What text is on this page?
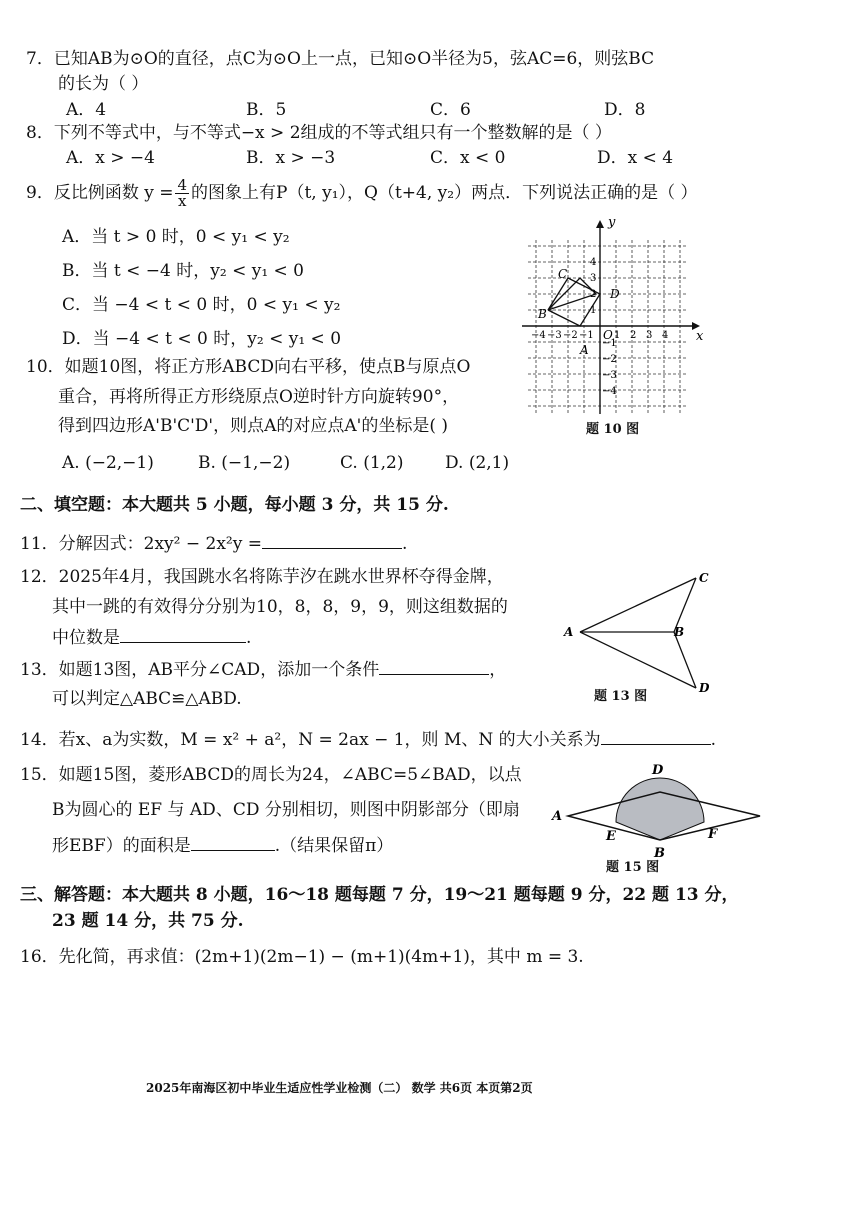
7．已知AB为⊙O的直径，点C为⊙O上一点，已知⊙O半径为5，弦AC=6，则弦BC
的长为（ ）
A．4	B．5	C．6	D．8
8．下列不等式中，与不等式−x > 2组成的不等式组只有一个整数解的是（ ）
A．x > −4	B．x > −3	C．x < 0	D．x < 4
9．反比例函数 $y = \frac{4}{x}$ 的图象上有P（t, y₁），Q（t+4, y₂）两点．下列说法正确的是（ ）
A．当 t > 0 时，0 < y₁ < y₂
B．当 t < −4 时，y₂ < y₁ < 0
C．当 −4 < t < 0 时，0 < y₁ < y₂
D．当 −4 < t < 0 时，y₂ < y₁ < 0	x
y
O
A
B
C
D
−4 −3 −2 −1 1 2 3 4
4
3
2
1
−1
−2
−3
−4
题 10 图
10．如题10图，将正方形ABCD向右平移，使点B与原点O
重合，再将所得正方形绕原点O逆时针方向旋转90°，
得到四边形A'B'C'D'，则点A的对应点A'的坐标是( )
A. (−2,−1)	B. (−1,−2)	C. (1,2) D. (2,1)
二、填空题：本大题共 5 小题，每小题 3 分，共 15 分.
11．分解因式：2xy² − 2x²y =	.
12．2025年4月，我国跳水名将陈芋汐在跳水世界杯夺得金牌，
其中一跳的有效得分分别为10，8，8，9，9，则这组数据的
中位数是	.	A	B
C
D
题 13 图
13．如题13图，AB平分∠CAD，添加一个条件	，
可以判定△ABC≌△ABD.
14．若x、a为实数，M = x² + a²，N = 2ax − 1，则 M、N 的大小关系为	.
D
A
E	F
B
题 15 图
15．如题15图，菱形ABCD的周长为24，∠ABC=5∠BAD，以点
B为圆心的 EF 与 AD、CD 分别相切，则图中阴影部分（即扇
形EBF）的面积是	.（结果保留π）
三、解答题：本大题共 8 小题，16～18 题每题 7 分，19～21 题每题 9 分，22 题 13 分，
23 题 14 分，共 75 分.
16．先化简，再求值：(2m+1)(2m−1) − (m+1)(4m+1)，其中 m = 3.
2025年南海区初中毕业生适应性学业检测（二） 数学 共6页 本页第2页
